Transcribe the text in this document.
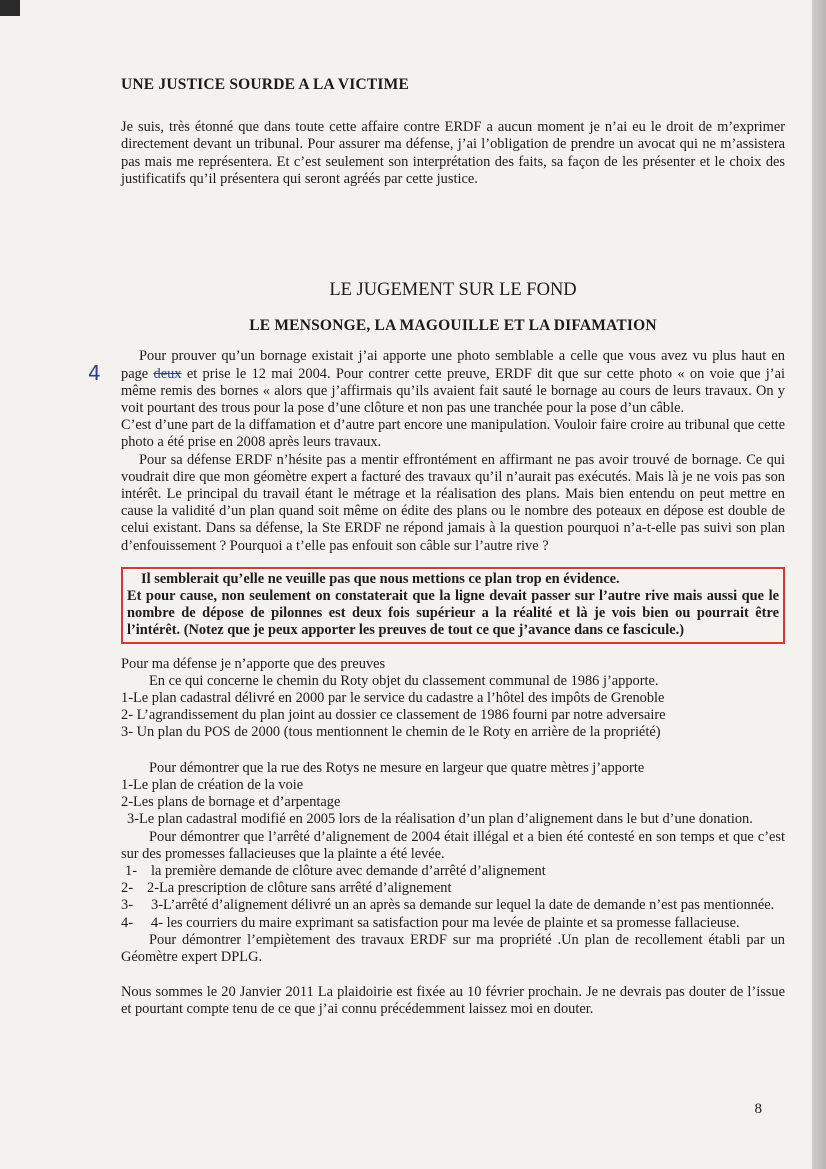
4
UNE JUSTICE SOURDE A LA VICTIME

Je suis, très étonné que dans toute cette affaire contre ERDF a aucun moment je n’ai eu le droit de m’exprimer directement devant un tribunal. Pour assurer ma défense, j’ai l’obligation de prendre un avocat qui ne m’assistera pas mais me représentera. Et c’est seulement son interprétation des faits, sa façon de les présenter et le choix des justificatifs qu’il présentera qui seront agréés par cette justice.

LE JUGEMENT SUR LE FOND
LE MENSONGE, LA MAGOUILLE ET LA DIFAMATION

Pour prouver qu’un bornage existait j’ai apporte une photo semblable a celle que vous avez vu plus haut en page deux et prise le 12 mai 2004. Pour contrer cette preuve, ERDF dit que sur cette photo « on voie que j’ai même remis des bornes « alors que j’affirmais qu’ils avaient fait sauté le bornage au cours de leurs travaux. On y voit pourtant des trous pour la pose d’une clôture et non pas une tranchée pour la pose d’un câble.

C’est d’une part de la diffamation et d’autre part encore une manipulation. Vouloir faire croire au tribunal que cette photo a été prise en 2008 après leurs travaux.

Pour sa défense ERDF n’hésite pas a mentir effrontément en affirmant ne pas avoir trouvé de bornage. Ce qui voudrait dire que mon géomètre expert a facturé des travaux qu’il n’aurait pas exécutés. Mais là je ne vois pas son intérêt. Le principal du travail étant le métrage et la réalisation des plans. Mais bien entendu on peut mettre en cause la validité d’un plan quand soit même on édite des plans ou le nombre des poteaux en dépose est double de celui existant. Dans sa défense, la Ste ERDF ne répond jamais à la question pourquoi n’a-t-elle pas suivi son plan d’enfouissement ? Pourquoi a t’elle pas enfouit son câble sur l’autre rive ?

Il semblerait qu’elle ne veuille pas que nous mettions ce plan trop en évidence.
Et pour cause, non seulement on constaterait que la ligne devait passer sur l’autre rive mais aussi que le nombre de dépose de pilonnes est deux fois supérieur a la réalité et là je vois bien ou pourrait être l’intérêt. (Notez que je peux apporter les preuves de tout ce que j’avance dans ce fascicule.)

Pour ma défense je n’apporte que des preuves

En ce qui concerne le chemin du Roty objet du classement communal de 1986 j’apporte.

1-Le plan cadastral délivré en 2000 par le service du cadastre a l’hôtel des impôts de Grenoble

2- L’agrandissement du plan joint au dossier ce classement de 1986 fourni par notre adversaire

3- Un plan du POS de 2000 (tous mentionnent le chemin de le Roty en arrière de la propriété)

Pour démontrer que la rue des Rotys ne mesure en largeur que quatre mètres j’apporte

1-Le plan de création de la voie

2-Les plans de bornage et d’arpentage

3-Le plan cadastral modifié en 2005 lors de la réalisation d’un plan d’alignement dans le but d’une donation.

Pour démontrer que l’arrêté d’alignement de 2004 était illégal et a bien été contesté en son temps et que c’est sur des promesses fallacieuses que la plainte a été levée.

1- la première demande de clôture avec demande d’arrêté d’alignement

2- 2-La prescription de clôture sans arrêté d’alignement

3- 3-L’arrêté d’alignement délivré un an après sa demande sur lequel la date de demande n’est pas mentionnée.

4- 4- les courriers du maire exprimant sa satisfaction pour ma levée de plainte et sa promesse fallacieuse.

Pour démontrer l’empiètement des travaux ERDF sur ma propriété .Un plan de recollement établi par un Géomètre expert DPLG.

Nous sommes le 20 Janvier 2011 La plaidoirie est fixée au 10 février prochain. Je ne devrais pas douter de l’issue et pourtant compte tenu de ce que j’ai connu précédemment laissez moi en douter.

8
